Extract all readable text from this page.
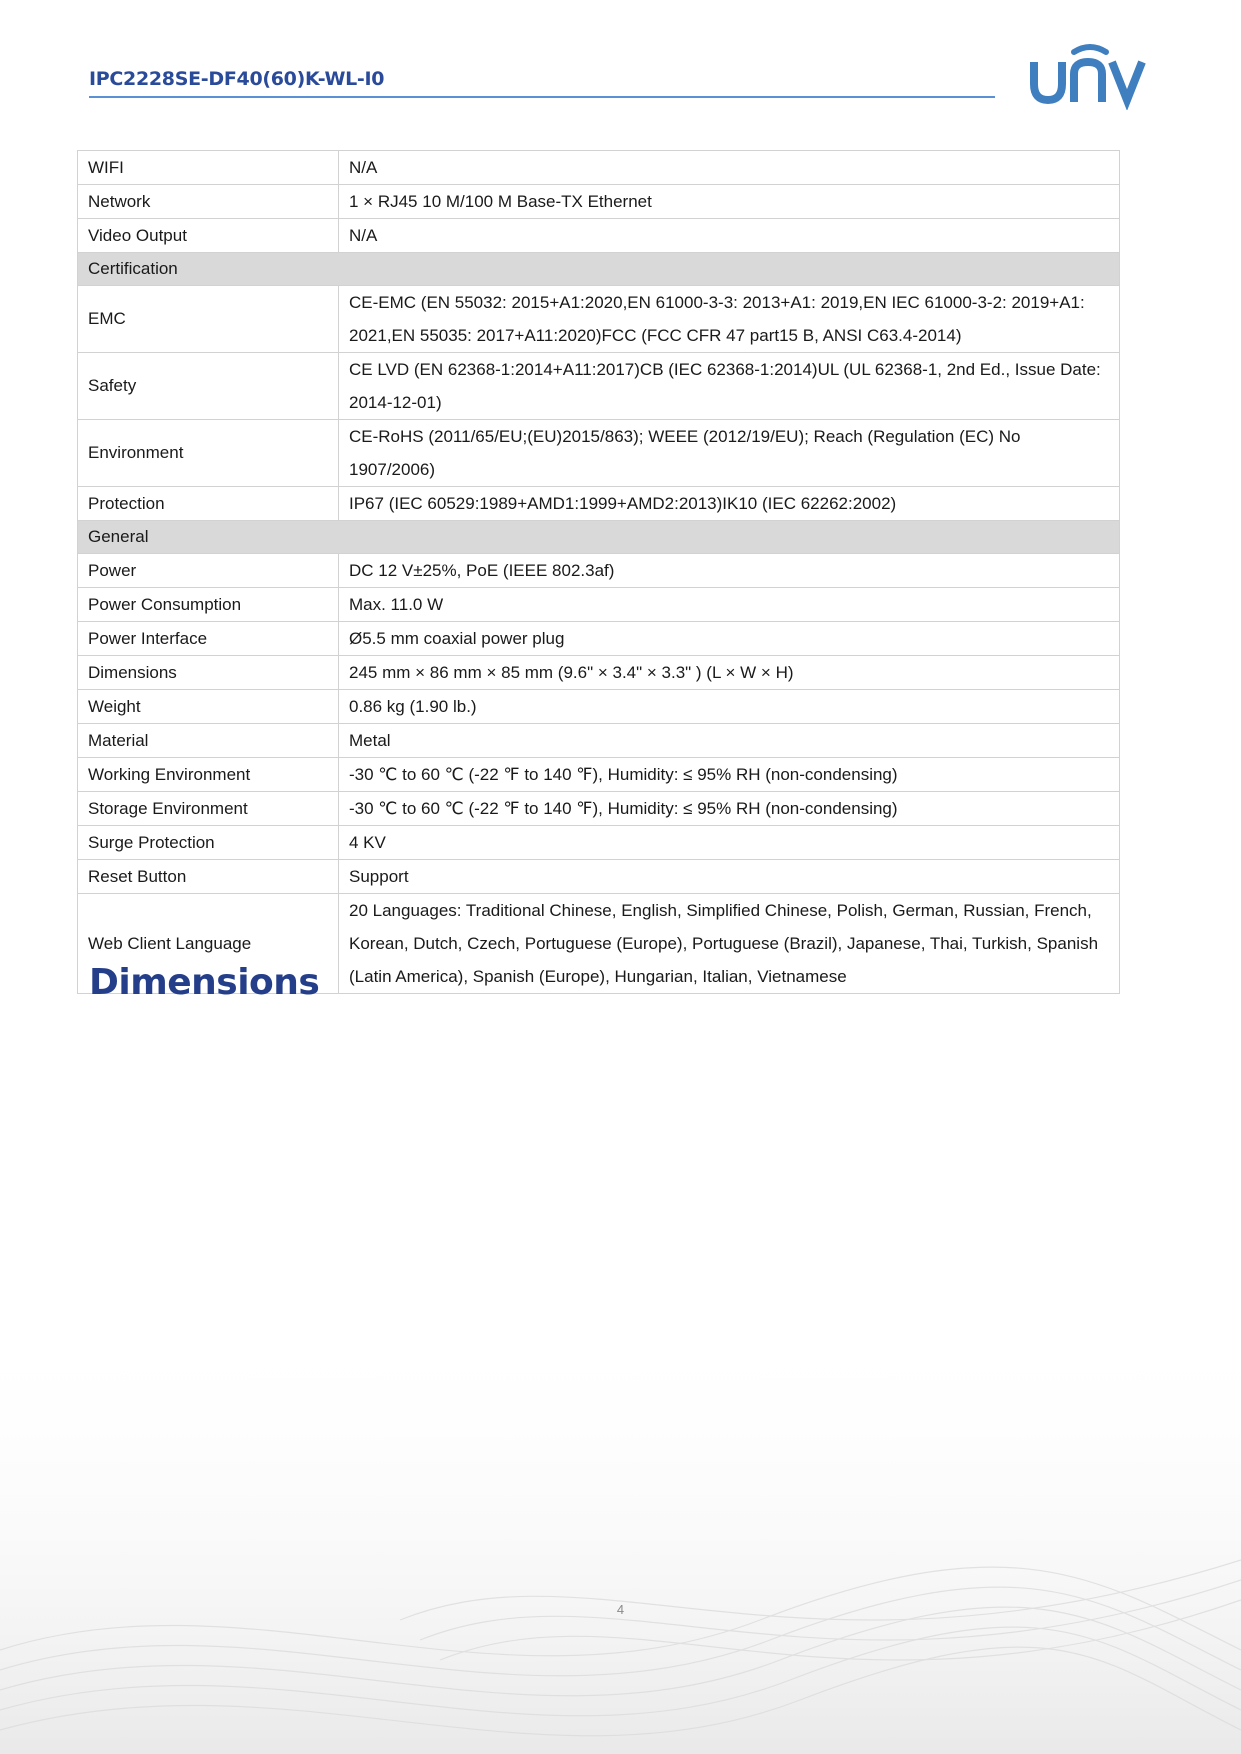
IPC2228SE-DF40(60)K-WL-I0
WIFI	N/A
Network	1 × RJ45 10 M/100 M Base-TX Ethernet
Video Output	N/A
Certification	
EMC	CE-EMC (EN 55032: 2015+A1:2020,EN 61000-3-3: 2013+A1: 2019,EN IEC 61000-3-2: 2019+A1: 2021,EN 55035: 2017+A11:2020)FCC (FCC CFR 47 part15 B, ANSI C63.4-2014)
Safety	CE LVD (EN 62368-1:2014+A11:2017)CB (IEC 62368-1:2014)UL (UL 62368-1, 2nd Ed., Issue Date: 2014-12-01)
Environment	CE-RoHS (2011/65/EU;(EU)2015/863); WEEE (2012/19/EU); Reach (Regulation (EC) No 1907/2006)
Protection	IP67 (IEC 60529:1989+AMD1:1999+AMD2:2013)IK10 (IEC 62262:2002)
General	
Power	DC 12 V±25%, PoE (IEEE 802.3af)
Power Consumption	Max. 11.0 W
Power Interface	Ø5.5 mm coaxial power plug
Dimensions	245 mm × 86 mm × 85 mm (9.6" × 3.4" × 3.3" ) (L × W × H)
Weight	0.86 kg (1.90 lb.)
Material	Metal
Working Environment	-30 ℃ to 60 ℃ (-22 ℉ to 140 ℉), Humidity: ≤ 95% RH (non-condensing)
Storage Environment	-30 ℃ to 60 ℃ (-22 ℉ to 140 ℉), Humidity: ≤ 95% RH (non-condensing)
Surge Protection	4 KV
Reset Button	Support
Web Client Language	20 Languages: Traditional Chinese, English, Simplified Chinese, Polish, German, Russian, French, Korean, Dutch, Czech, Portuguese (Europe), Portuguese (Brazil), Japanese, Thai, Turkish, Spanish (Latin America), Spanish (Europe), Hungarian, Italian, Vietnamese
Dimensions
4
